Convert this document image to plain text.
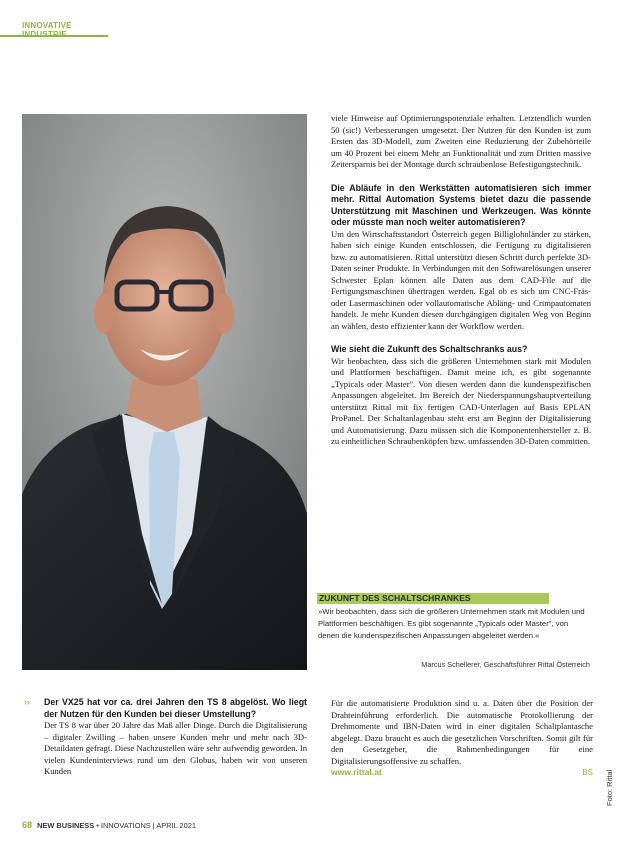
INNOVATIVE

viele Hinweise auf Optimierungspotenziale erhalten. Letztendlich wurden 50 (sic!) Verbesserungen umgesetzt. Der Nutzen für den Kunden ist zum Ersten das 3D-Modell, zum Zweiten eine Reduzierung der Zubehörteile um 40 Prozent bei einem Mehr an Funktionalität und zum Dritten massive Zeitersparnis bei der Montage durch schraubenlose Befestigungstechnik.

Die Abläufe in den Werkstätten automatisieren sich immer mehr. Rittal Automation Systems bietet dazu die passende Unterstützung mit Maschinen und Werkzeugen. Was könnte oder müsste man noch weiter automatisieren?

Um den Wirtschaftsstandort Österreich gegen Billiglohnländer zu stärken, haben sich einige Kunden entschlossen, die Fertigung zu digitalisieren bzw. zu automatisieren. Rittal unterstützt diesen Schritt durch perfekte 3D-Daten seiner Produkte. In Verbindungen mit den Softwarelösungen unserer Schwester Eplan können alle Daten aus dem CAD-File auf die Fertigungsmaschinen übertragen werden. Egal ob es sich um CNC-Fräs- oder Lasermaschinen oder vollautomatische Abläng- und Crimpautomaten handelt. Je mehr Kunden diesen durchgängigen digitalen Weg von Beginn an wählen, desto effizienter kann der Workflow werden.

Wie sieht die Zukunft des Schaltschranks aus?

Wir beobachten, dass sich die größeren Unternehmen stark mit Modulen und Plattformen beschäftigen. Damit meine ich, es gibt sogenannte „Typicals oder Master". Von diesen werden dann die kundenspezifischen Anpassungen abgeleitet. Im Bereich der Niederspannungshauptverteilung unterstützt Rittal mit fix fertigen CAD-Unterlagen auf Basis EPLAN ProPanel. Der Schaltanlagenbau steht erst am Beginn der Digitalisierung und Automatisierung. Dazu müssen sich die Komponentenhersteller z. B. zu einheitlichen Schraubenköpfen bzw. umfassenden 3D-Daten committen.

ZUKUNFT DES SCHALTSCHRANKES
»Wir beobachten, dass sich die größeren Unternehmen stark mit Modulen und Plattformen beschäftigen. Es gibt sogenannte „Typicals oder Master", von denen die kundenspezifischen Anpassungen abgeleitet werden.«
Marcus Schellerer, Geschäftsführer Rittal Österreich
›› Der VX25 hat vor ca. drei Jahren den TS 8 abgelöst. Wo liegt der Nutzen für den Kunden bei dieser Umstellung?

Der TS 8 war über 20 Jahre das Maß aller Dinge. Durch die Digitalisierung – digitaler Zwilling – haben unsere Kunden mehr und mehr nach 3D-Detaildaten gefragt. Diese Nachzustellen wäre sehr aufwendig geworden. In vielen Kundeninterviews rund um den Globus, haben wir von unseren Kunden

Für die automatisierte Produktion sind u. a. Daten über die Position der Drahteinführung erforderlich. Die automatische Protokollierung der Drehmomente und IBN-Daten wird in einer digitalen Schaltplantasche abgelegt. Dazu braucht es auch die gesetzlichen Vorschriften. Somit gilt für den Gesetzgeber, die Rahmenbedingungen für eine Digitalisierungsoffensive zu schaffen.

BS

www.rittal.at	Foto: Rittal
68 NEW BUSINESS • INNOVATIONS | APRIL 2021
